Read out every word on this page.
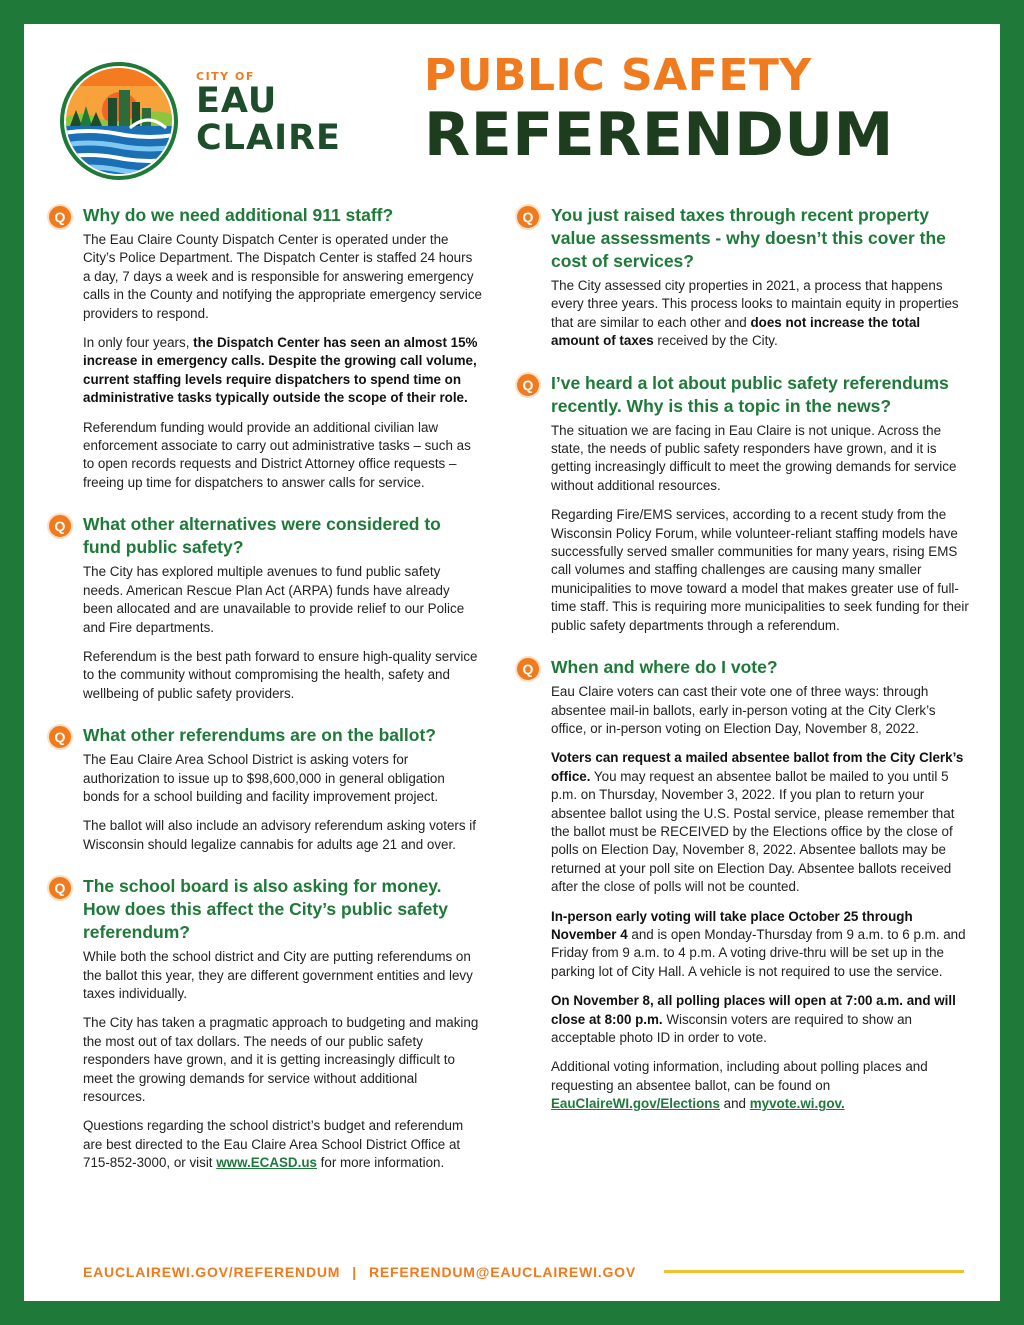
CITY OF
EAU
CLAIRE
PUBLIC SAFETY
REFERENDUM
Q	Why do we need additional 911 staff?

The Eau Claire County Dispatch Center is operated under the City’s Police Department. The Dispatch Center is staffed 24 hours a day, 7 days a week and is responsible for answering emergency calls in the County and notifying the appropriate emergency service providers to respond.

In only four years, the Dispatch Center has seen an almost 15% increase in emergency calls. Despite the growing call volume, current staffing levels require dispatchers to spend time on administrative tasks typically outside the scope of their role.

Referendum funding would provide an additional civilian law enforcement associate to carry out administrative tasks – such as to open records requests and District Attorney office requests – freeing up time for dispatchers to answer calls for service.

Q	What other alternatives were considered to fund public safety?

The City has explored multiple avenues to fund public safety needs. American Rescue Plan Act (ARPA) funds have already been allocated and are unavailable to provide relief to our Police and Fire departments.

Referendum is the best path forward to ensure high-quality service to the community without compromising the health, safety and wellbeing of public safety providers.

Q	What other referendums are on the ballot?

The Eau Claire Area School District is asking voters for authorization to issue up to $98,600,000 in general obligation bonds for a school building and facility improvement project.

The ballot will also include an advisory referendum asking voters if Wisconsin should legalize cannabis for adults age 21 and over.

Q	The school board is also asking for money. How does this affect the City’s public safety referendum?

While both the school district and City are putting referendums on the ballot this year, they are different government entities and levy taxes individually.

The City has taken a pragmatic approach to budgeting and making the most out of tax dollars. The needs of our public safety responders have grown, and it is getting increasingly difficult to meet the growing demands for service without additional resources.

Questions regarding the school district’s budget and referendum are best directed to the Eau Claire Area School District Office at 715-852-3000, or visit www.ECASD.us for more information.

Q	You just raised taxes through recent property value assessments - why doesn’t this cover the cost of services?

The City assessed city properties in 2021, a process that happens every three years. This process looks to maintain equity in properties that are similar to each other and does not increase the total amount of taxes received by the City.

Q	I’ve heard a lot about public safety referendums recently. Why is this a topic in the news?

The situation we are facing in Eau Claire is not unique. Across the state, the needs of public safety responders have grown, and it is getting increasingly difficult to meet the growing demands for service without additional resources.

Regarding Fire/EMS services, according to a recent study from the Wisconsin Policy Forum, while volunteer-reliant staffing models have successfully served smaller communities for many years, rising EMS call volumes and staffing challenges are causing many smaller municipalities to move toward a model that makes greater use of full-time staff. This is requiring more municipalities to seek funding for their public safety departments through a referendum.

Q	When and where do I vote?

Eau Claire voters can cast their vote one of three ways: through absentee mail-in ballots, early in-person voting at the City Clerk’s office, or in-person voting on Election Day, November 8, 2022.

Voters can request a mailed absentee ballot from the City Clerk’s office. You may request an absentee ballot be mailed to you until 5 p.m. on Thursday, November 3, 2022. If you plan to return your absentee ballot using the U.S. Postal service, please remember that the ballot must be RECEIVED by the Elections office by the close of polls on Election Day, November 8, 2022. Absentee ballots may be returned at your poll site on Election Day. Absentee ballots received after the close of polls will not be counted.

In-person early voting will take place October 25 through November 4 and is open Monday-Thursday from 9 a.m. to 6 p.m. and Friday from 9 a.m. to 4 p.m. A voting drive-thru will be set up in the parking lot of City Hall. A vehicle is not required to use the service.

On November 8, all polling places will open at 7:00 a.m. and will close at 8:00 p.m. Wisconsin voters are required to show an acceptable photo ID in order to vote.

Additional voting information, including about polling places and requesting an absentee ballot, can be found on EauClaireWI.gov/Elections and myvote.wi.gov.

EAUCLAIREWI.GOV/REFERENDUM | REFERENDUM@EAUCLAIREWI.GOV
